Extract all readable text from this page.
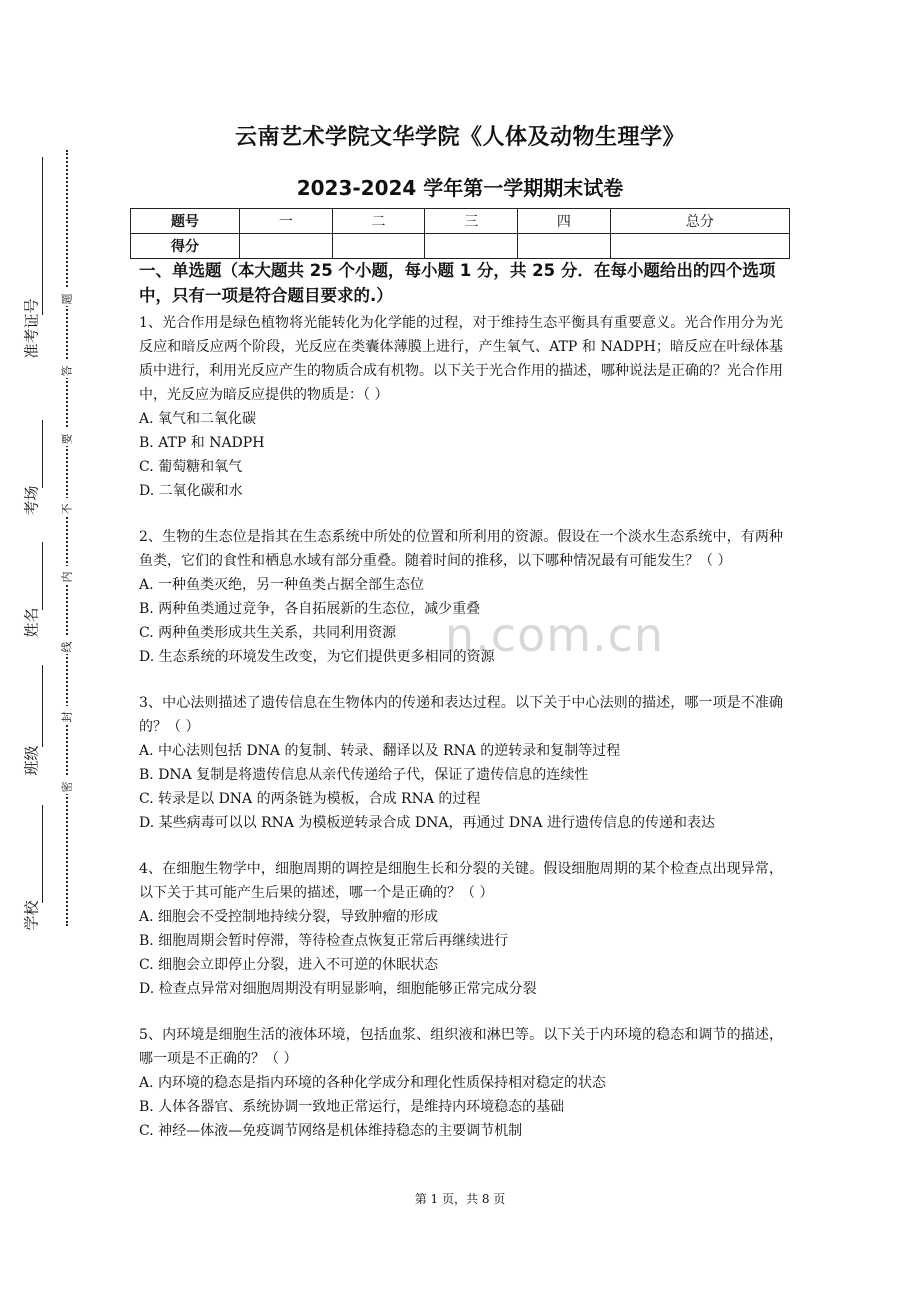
准考证号
考场
姓名
班级
学校
题
答
要
不
内
线
封
密
云南艺术学院文华学院《人体及动物生理学》
2023-2024 学年第一学期期末试卷
题号	一	二	三	四	总分
得分					
n.com.cn

一、单选题（本大题共 25 个小题，每小题 1 分，共 25 分．在每小题给出的四个选项中，只有一项是符合题目要求的.）

1、光合作用是绿色植物将光能转化为化学能的过程，对于维持生态平衡具有重要意义。光合作用分为光反应和暗反应两个阶段，光反应在类囊体薄膜上进行，产生氧气、ATP 和 NADPH；暗反应在叶绿体基质中进行，利用光反应产生的物质合成有机物。以下关于光合作用的描述，哪种说法是正确的？光合作用中，光反应为暗反应提供的物质是：（ ）

A. 氧气和二氧化碳

B. ATP 和 NADPH

C. 葡萄糖和氧气

D. 二氧化碳和水

2、生物的生态位是指其在生态系统中所处的位置和所利用的资源。假设在一个淡水生态系统中，有两种鱼类，它们的食性和栖息水域有部分重叠。随着时间的推移，以下哪种情况最有可能发生？（ ）

A. 一种鱼类灭绝，另一种鱼类占据全部生态位

B. 两种鱼类通过竞争，各自拓展新的生态位，减少重叠

C. 两种鱼类形成共生关系，共同利用资源

D. 生态系统的环境发生改变，为它们提供更多相同的资源

3、中心法则描述了遗传信息在生物体内的传递和表达过程。以下关于中心法则的描述，哪一项是不准确的？（ ）

A. 中心法则包括 DNA 的复制、转录、翻译以及 RNA 的逆转录和复制等过程

B. DNA 复制是将遗传信息从亲代传递给子代，保证了遗传信息的连续性

C. 转录是以 DNA 的两条链为模板，合成 RNA 的过程

D. 某些病毒可以以 RNA 为模板逆转录合成 DNA，再通过 DNA 进行遗传信息的传递和表达

4、在细胞生物学中，细胞周期的调控是细胞生长和分裂的关键。假设细胞周期的某个检查点出现异常，以下关于其可能产生后果的描述，哪一个是正确的？（ ）

A. 细胞会不受控制地持续分裂，导致肿瘤的形成

B. 细胞周期会暂时停滞，等待检查点恢复正常后再继续进行

C. 细胞会立即停止分裂，进入不可逆的休眠状态

D. 检查点异常对细胞周期没有明显影响，细胞能够正常完成分裂

5、内环境是细胞生活的液体环境，包括血浆、组织液和淋巴等。以下关于内环境的稳态和调节的描述，哪一项是不正确的？（ ）

A. 内环境的稳态是指内环境的各种化学成分和理化性质保持相对稳定的状态

B. 人体各器官、系统协调一致地正常运行，是维持内环境稳态的基础

C. 神经—体液—免疫调节网络是机体维持稳态的主要调节机制

第 1 页，共 8 页
